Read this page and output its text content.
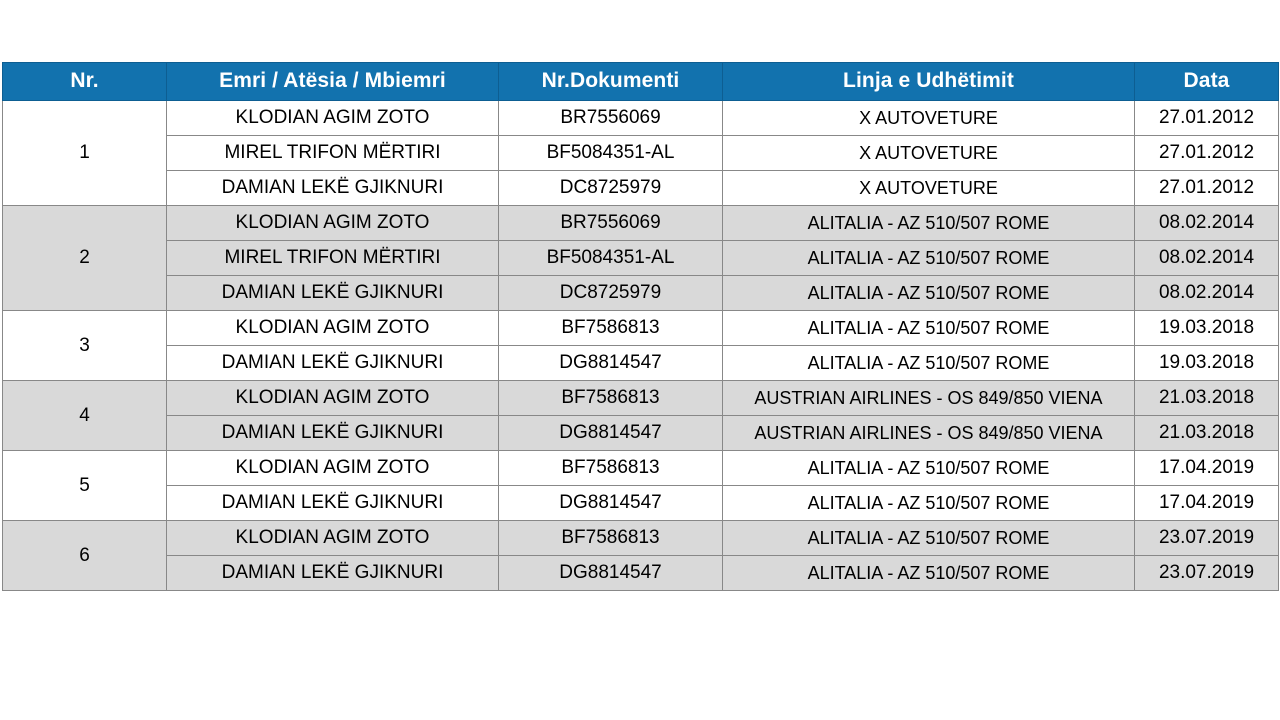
Nr.	Emri / Atësia / Mbiemri	Nr.Dokumenti	Linja e Udhëtimit	Data
1	KLODIAN AGIM ZOTO	BR7556069	X AUTOVETURE	27.01.2012
	MIREL TRIFON MËRTIRI	BF5084351-AL	X AUTOVETURE	27.01.2012
	DAMIAN LEKË GJIKNURI	DC8725979	X AUTOVETURE	27.01.2012
2	KLODIAN AGIM ZOTO	BR7556069	ALITALIA - AZ 510/507 ROME	08.02.2014
	MIREL TRIFON MËRTIRI	BF5084351-AL	ALITALIA - AZ 510/507 ROME	08.02.2014
	DAMIAN LEKË GJIKNURI	DC8725979	ALITALIA - AZ 510/507 ROME	08.02.2014
3	KLODIAN AGIM ZOTO	BF7586813	ALITALIA - AZ 510/507 ROME	19.03.2018
	DAMIAN LEKË GJIKNURI	DG8814547	ALITALIA - AZ 510/507 ROME	19.03.2018
4	KLODIAN AGIM ZOTO	BF7586813	AUSTRIAN AIRLINES - OS 849/850 VIENA	21.03.2018
	DAMIAN LEKË GJIKNURI	DG8814547	AUSTRIAN AIRLINES - OS 849/850 VIENA	21.03.2018
5	KLODIAN AGIM ZOTO	BF7586813	ALITALIA - AZ 510/507 ROME	17.04.2019
	DAMIAN LEKË GJIKNURI	DG8814547	ALITALIA - AZ 510/507 ROME	17.04.2019
6	KLODIAN AGIM ZOTO	BF7586813	ALITALIA - AZ 510/507 ROME	23.07.2019
	DAMIAN LEKË GJIKNURI	DG8814547	ALITALIA - AZ 510/507 ROME	23.07.2019
